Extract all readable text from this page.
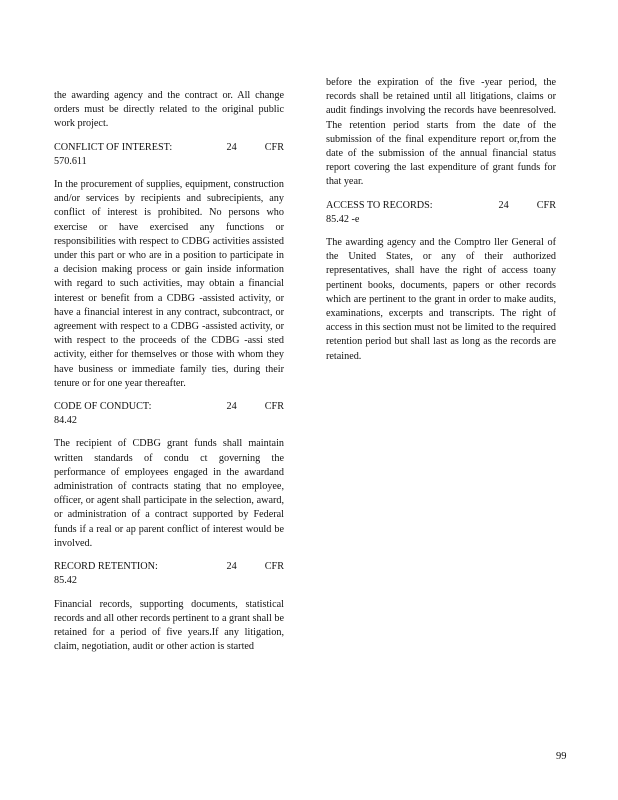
the awarding agency and the contract or. All change orders must be directly related to the original public work project.

CONFLICT OF INTEREST:	24	CFR
570.611

In the procurement of supplies, equipment, construction and/or services by recipients and subrecipients, any conflict of interest is prohibited. No persons who exercise or have exercised any functions or responsibilities with respect to CDBG activities assisted under this part or who are in a position to participate in a decision making process or gain inside information with regard to such activities, may obtain a financial interest or benefit from a CDBG -assisted activity, or have a financial interest in any contract, subcontract, or agreement with respect to a CDBG -assisted activity, or with respect to the proceeds of the CDBG -assi sted activity, either for themselves or those with whom they have business or immediate family ties, during their tenure or for one year thereafter.

CODE OF CONDUCT:	24	CFR
84.42

The recipient of CDBG grant funds shall maintain written standards of condu ct governing the performance of employees engaged in the awardand administration of contracts stating that no employee, officer, or agent shall participate in the selection, award, or administration of a contract supported by Federal funds if a real or ap parent conflict of interest would be involved.

RECORD RETENTION:	24	CFR
85.42

Financial records, supporting documents, statistical records and all other records pertinent to a grant shall be retained for a period of five years.If any litigation, claim, negotiation, audit or other action is started

before the expiration of the five -year period, the records shall be retained until all litigations, claims or audit findings involving the records have beenresolved. The retention period starts from the date of the submission of the final expenditure report or,from the date of the submission of the annual financial status report covering the last expenditure of grant funds for that year.

ACCESS TO RECORDS:	24	CFR
85.42 -e

The awarding agency and the Comptro ller General of the United States, or any of their authorized representatives, shall have the right of access toany pertinent books, documents, papers or other records which are pertinent to the grant in order to make audits, examinations, excerpts and transcripts. The right of access in this section must not be limited to the required retention period but shall last as long as the records are retained.

99
